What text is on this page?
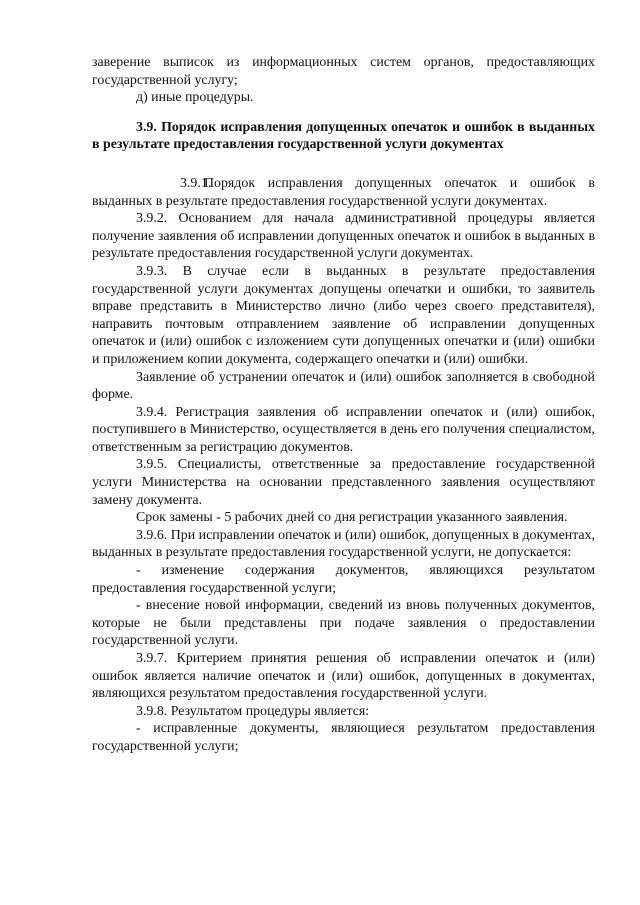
заверение выписок из информационных систем органов, предоставляющих государственной услугу;

д) иные процедуры.

3.9. Порядок исправления допущенных опечаток и ошибок в выданных в результате предоставления государственной услуги документах

3.9.1.Порядок исправления допущенных опечаток и ошибок в выданных в результате предоставления государственной услуги документах.

3.9.2. Основанием для начала административной процедуры является получение заявления об исправлении допущенных опечаток и ошибок в выданных в результате предоставления государственной услуги документах.

3.9.3. В случае если в выданных в результате предоставления государственной услуги документах допущены опечатки и ошибки, то заявитель вправе представить в Министерство лично (либо через своего представителя), направить почтовым отправлением заявление об исправлении допущенных опечаток и (или) ошибок с изложением сути допущенных опечатки и (или) ошибки и приложением копии документа, содержащего опечатки и (или) ошибки.

Заявление об устранении опечаток и (или) ошибок заполняется в свободной форме.

3.9.4. Регистрация заявления об исправлении опечаток и (или) ошибок, поступившего в Министерство, осуществляется в день его получения специалистом, ответственным за регистрацию документов.

3.9.5. Специалисты, ответственные за предоставление государственной услуги Министерства на основании представленного заявления осуществляют замену документа.

Срок замены - 5 рабочих дней со дня регистрации указанного заявления.

3.9.6. При исправлении опечаток и (или) ошибок, допущенных в документах, выданных в результате предоставления государственной услуги, не допускается:

- изменение содержания документов, являющихся результатом предоставления государственной услуги;

- внесение новой информации, сведений из вновь полученных документов, которые не были представлены при подаче заявления о предоставлении государственной услуги.

3.9.7. Критерием принятия решения об исправлении опечаток и (или) ошибок является наличие опечаток и (или) ошибок, допущенных в документах, являющихся результатом предоставления государственной услуги.

3.9.8. Результатом процедуры является:

- исправленные документы, являющиеся результатом предоставления государственной услуги;
